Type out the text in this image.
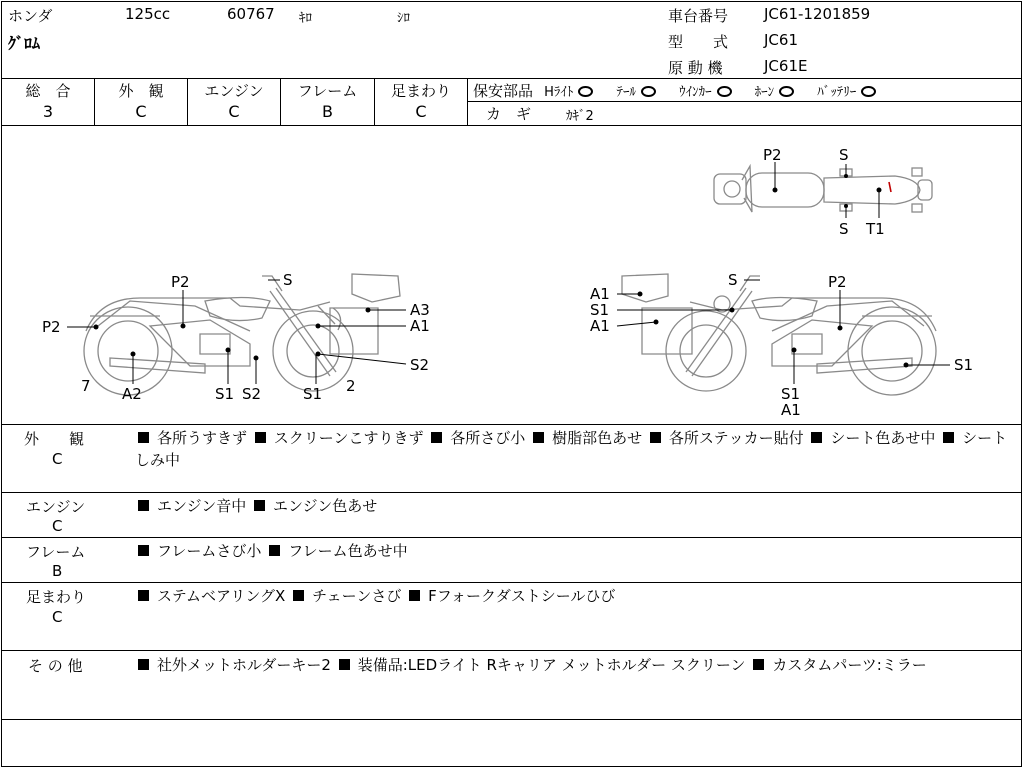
ホンダ	125cc	60767 ｷﾛ	ｼﾛ
ｸﾞﾛﾑ
車台番号 JC61-1201859
型　　式 JC61
原 動 機	JC61E
総　合
3
外　観
C
エンジン
C
フレーム
B
足まわり
C
保安部品 Hﾗｲﾄ	ﾃｰﾙ	ｳｲﾝｶｰ	ﾎｰﾝ	ﾊﾞｯﾃﾘｰ
カ　ギ	ｶｷﾞ2
P2	S
S T1
S
P2
P2
A3
A1
S2
7 A2	S1 S2	S1 2
A1
S1
A1
S	P2
S1
S1
A1
外　　観
C
各所うすきず スクリーンこすりきず 各所さび小 樹脂部色あせ 各所ステッカー貼付 シート色あせ中 シートしみ中
エンジン
C
エンジン音中 エンジン色あせ
フレーム
B
フレームさび小 フレーム色あせ中
足まわり
C
ステムベアリングX チェーンさび Fフォークダストシールひび
そ の 他	社外メットホルダーキー2 装備品:LEDライト Rキャリア メットホルダー スクリーン カスタムパーツ:ミラー
